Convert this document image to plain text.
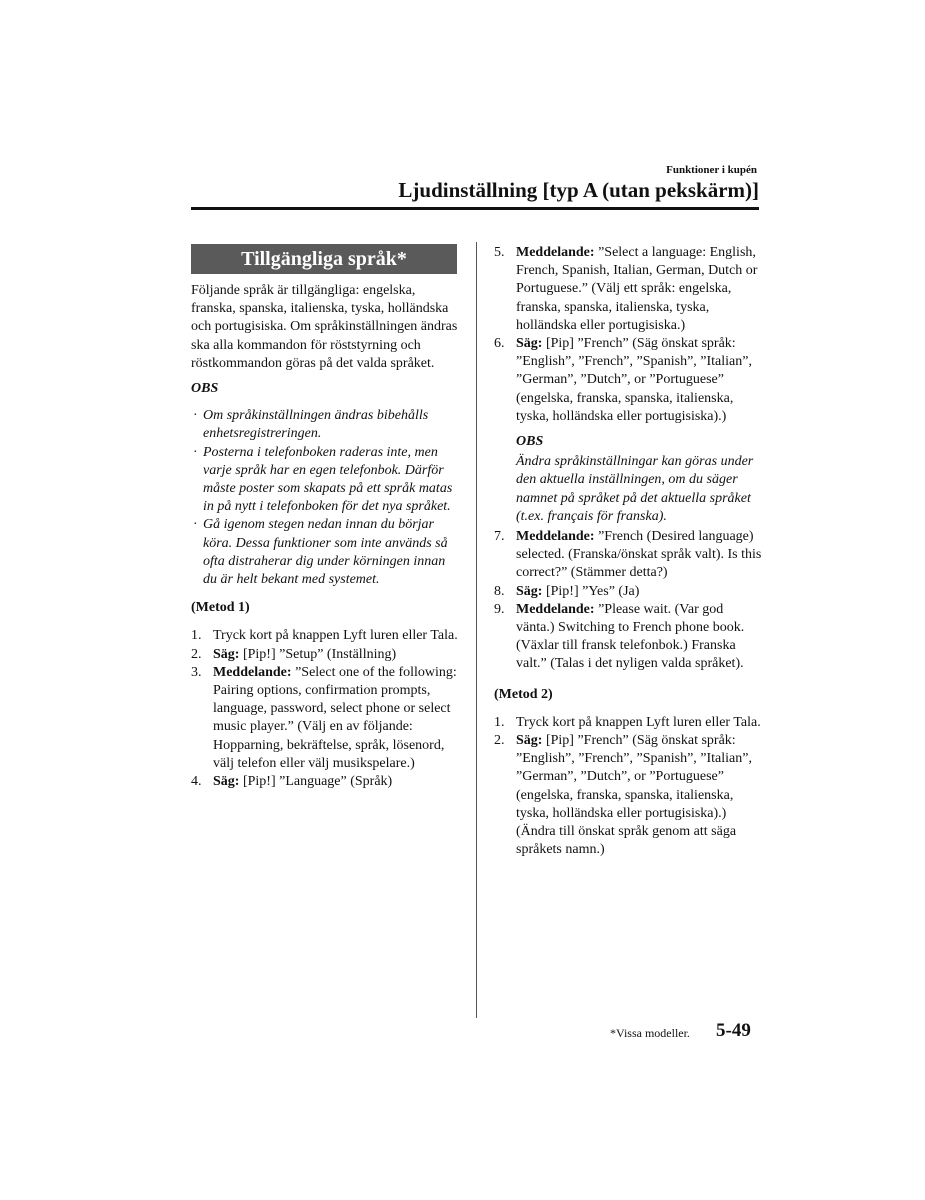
Funktioner i kupén
Ljudinställning [typ A (utan pekskärm)]
Tillgängliga språk*

Följande språk är tillgängliga: engelska, franska, spanska, italienska, tyska, holländska och portugisiska. Om språkinställningen ändras ska alla kommandon för röststyrning och röstkommandon göras på det valda språket.

OBS
· Om språkinställningen ändras bibehålls enhetsregistreringen.
· Posterna i telefonboken raderas inte, men varje språk har en egen telefonbok. Därför måste poster som skapats på ett språk matas in på nytt i telefonboken för det nya språket.
· Gå igenom stegen nedan innan du börjar köra. Dessa funktioner som inte används så ofta distraherar dig under körningen innan du är helt bekant med systemet.
(Metod 1)
1. Tryck kort på knappen Lyft luren eller Tala.
2. Säg: [Pip!] ”Setup” (Inställning)
3. Meddelande: ”Select one of the following: Pairing options, confirmation prompts, language, password, select phone or select music player.” (Välj en av följande: Hopparning, bekräftelse, språk, lösenord, välj telefon eller välj musikspelare.)
4. Säg: [Pip!] ”Language” (Språk)
5. Meddelande: ”Select a language: English, French, Spanish, Italian, German, Dutch or Portuguese.” (Välj ett språk: engelska, franska, spanska, italienska, tyska, holländska eller portugisiska.)
6. Säg: [Pip] ”French” (Säg önskat språk: ”English”, ”French”, ”Spanish”, ”Italian”, ”German”, ”Dutch”, or ”Portuguese” (engelska, franska, spanska, italienska, tyska, holländska eller portugisiska).)
OBS
Ändra språkinställningar kan göras under den aktuella inställningen, om du säger namnet på språket på det aktuella språket (t.ex. français för franska).
7. Meddelande: ”French (Desired language) selected. (Franska/önskat språk valt). Is this correct?” (Stämmer detta?)
8. Säg: [Pip!] ”Yes” (Ja)
9. Meddelande: ”Please wait. (Var god vänta.) Switching to French phone book. (Växlar till fransk telefonbok.) Franska valt.” (Talas i det nyligen valda språket).
(Metod 2)
1. Tryck kort på knappen Lyft luren eller Tala.
2. Säg: [Pip] ”French” (Säg önskat språk: ”English”, ”French”, ”Spanish”, ”Italian”, ”German”, ”Dutch”, or ”Portuguese” (engelska, franska, spanska, italienska, tyska, holländska eller portugisiska).) (Ändra till önskat språk genom att säga språkets namn.)
*Vissa modeller. 5-49
